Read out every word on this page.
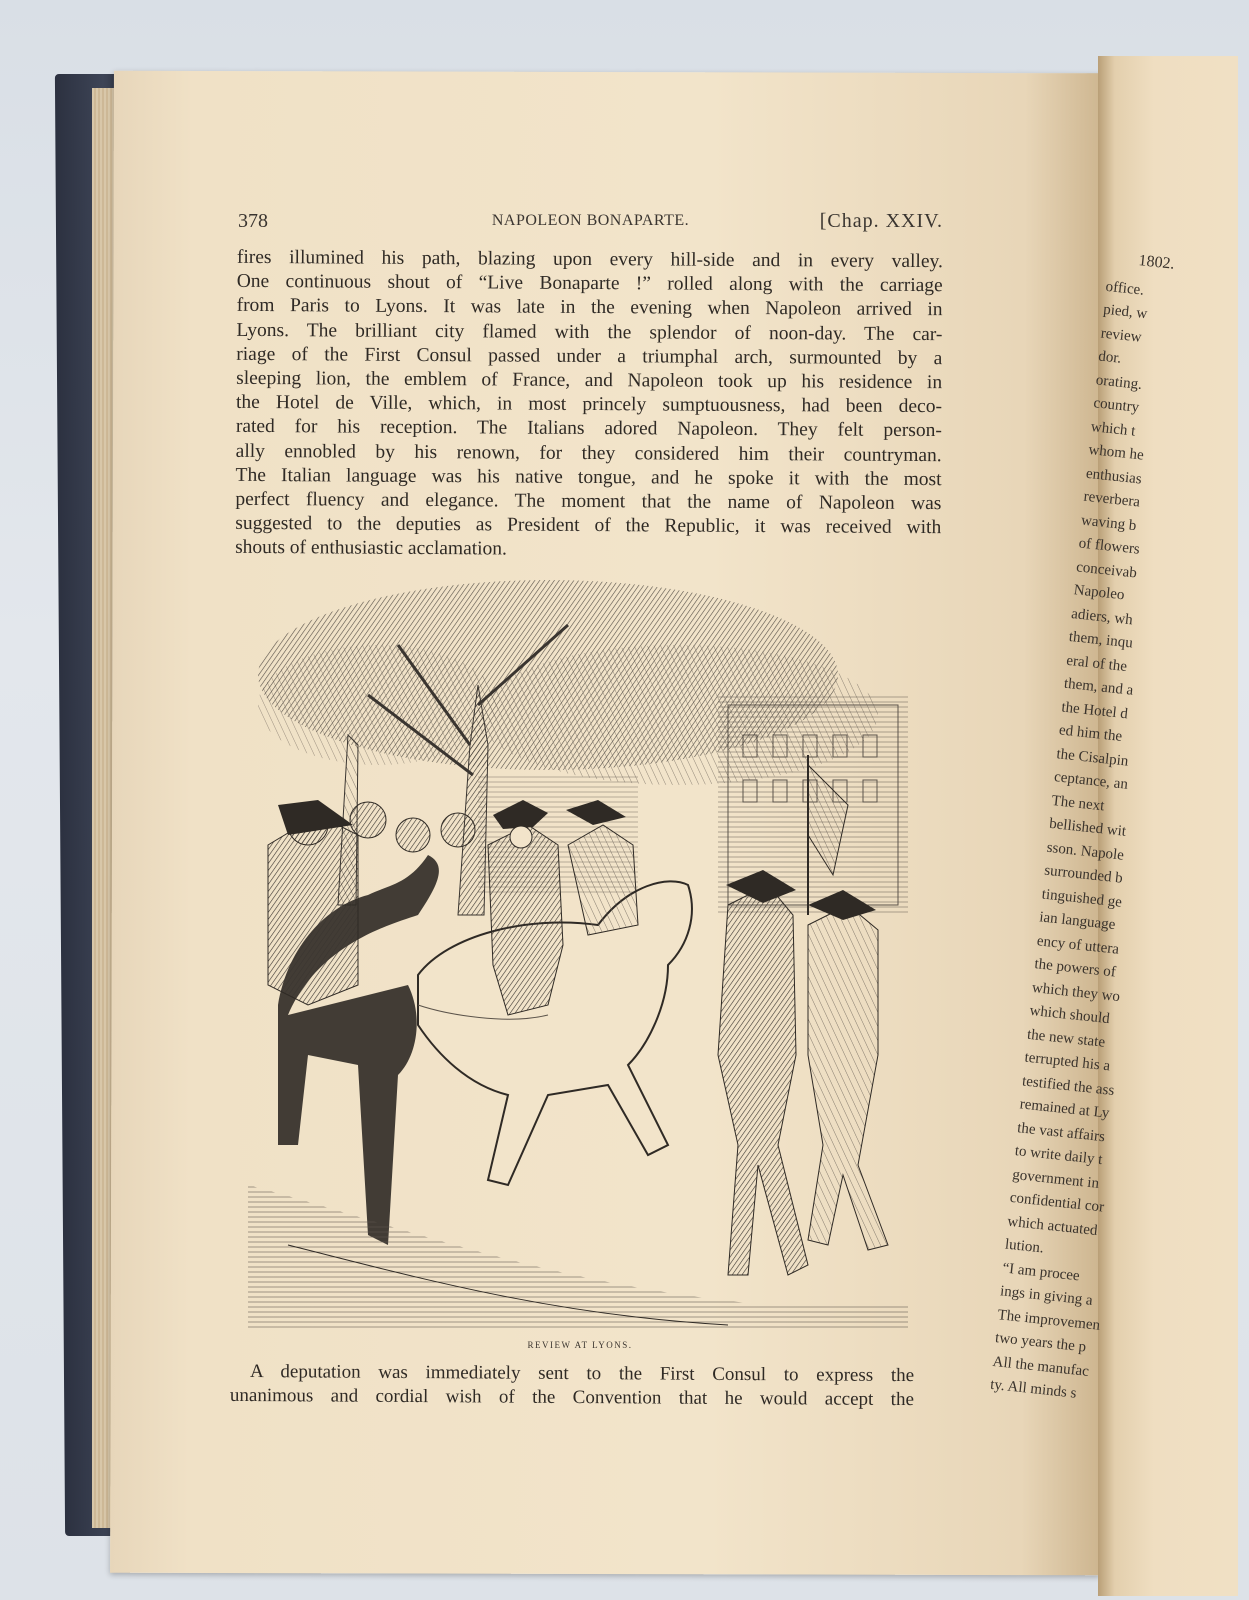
378	NAPOLEON BONAPARTE.	[Chap. XXIV.
fires illumined his path, blazing upon every hill-side and in every valley.
One continuous shout of “Live Bonaparte !” rolled along with the carriage
from Paris to Lyons. It was late in the evening when Napoleon arrived in
Lyons. The brilliant city flamed with the splendor of noon-day. The car-
riage of the First Consul passed under a triumphal arch, surmounted by a
sleeping lion, the emblem of France, and Napoleon took up his residence in
the Hotel de Ville, which, in most princely sumptuousness, had been deco-
rated for his reception. The Italians adored Napoleon. They felt person-
ally ennobled by his renown, for they considered him their countryman.
The Italian language was his native tongue, and he spoke it with the most
perfect fluency and elegance. The moment that the name of Napoleon was
suggested to the deputies as President of the Republic, it was received with
shouts of enthusiastic acclamation.
REVIEW AT LYONS.
A deputation was immediately sent to the First Consul to express the
unanimous and cordial wish of the Convention that he would accept the
1802.
office.
pied, w
review
dor.
orating.
country
which t
whom he
enthusias
reverbera
waving b
of flowers
conceivab
Napoleo
adiers, wh
them, inqu
eral of the
them, and a
the Hotel d
ed him the
the Cisalpin
ceptance, an
The next
bellished wit
sson. Napole
surrounded b
tinguished ge
ian language
ency of uttera
the powers of
which they wo
which should
the new state
terrupted his a
testified the ass
remained at Ly
the vast affairs
to write daily t
government in
confidential cor
which actuated
lution.
“I am procee
ings in giving a
The improvemen
two years the p
All the manufac
ty. All minds s
